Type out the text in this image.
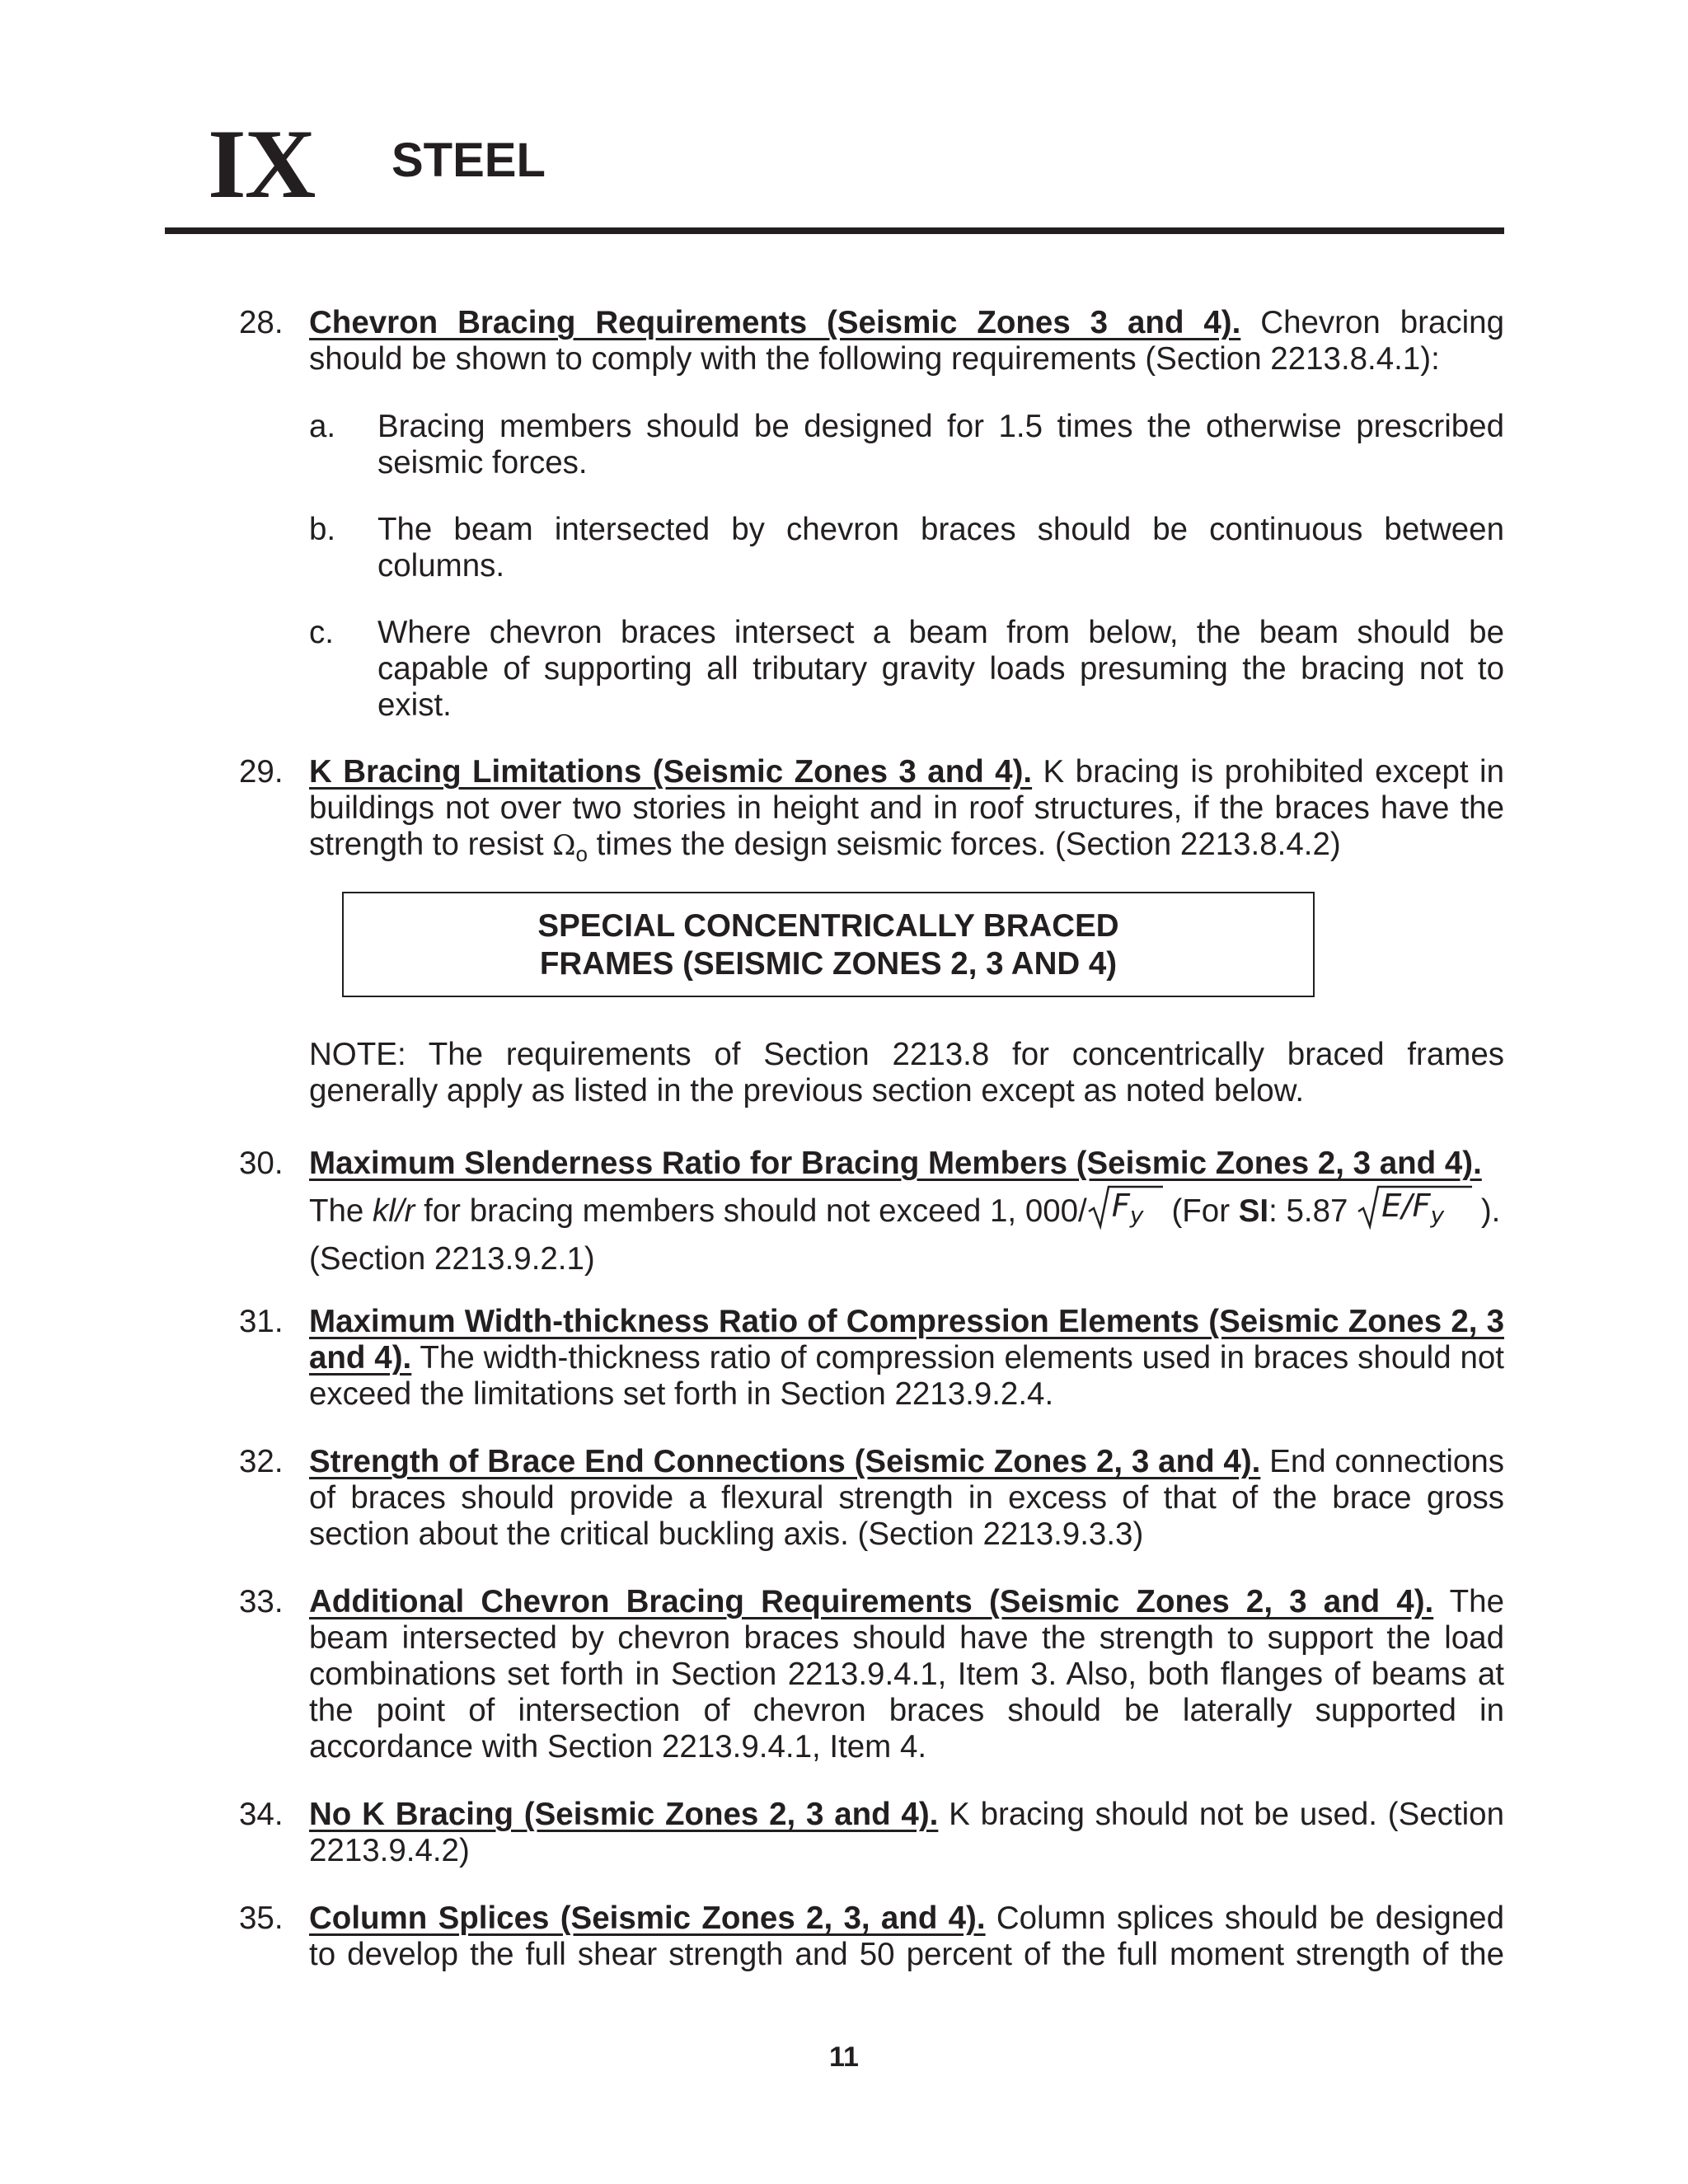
IX STEEL
28. Chevron Bracing Requirements (Seismic Zones 3 and 4). Chevron bracing
should be shown to comply with the following requirements (Section 2213.8.4.1):
a.	Bracing members should be designed for 1.5 times the otherwise prescribed seismic forces.
b.	The beam intersected by chevron braces should be continuous between columns.
c.	Where chevron braces intersect a beam from below, the beam should be capable of supporting all tributary gravity loads presuming the bracing not to exist.
29. K Bracing Limitations (Seismic Zones 3 and 4). K bracing is prohibited except in buildings not over two stories in height and in roof structures, if the braces have the strength to resist $\Omega_o$ times the design seismic forces. (Section 2213.8.4.2)
SPECIAL CONCENTRICALLY BRACED
FRAMES (SEISMIC ZONES 2, 3 AND 4)
NOTE: The requirements of Section 2213.8 for concentrically braced frames generally apply as listed in the previous section except as noted below.
30. Maximum Slenderness Ratio for Bracing Members (Seismic Zones 2, 3 and 4).
The kl/r for bracing members should not exceed 1, 000/ $F_y$ (For SI: 5.87 $E/F_y$ ).
(Section 2213.9.2.1)
31. Maximum Width-thickness Ratio of Compression Elements (Seismic Zones 2, 3 and 4). The width-thickness ratio of compression elements used in braces should not exceed the limitations set forth in Section 2213.9.2.4.
32. Strength of Brace End Connections (Seismic Zones 2, 3 and 4). End connections of braces should provide a flexural strength in excess of that of the brace gross section about the critical buckling axis. (Section 2213.9.3.3)
33. Additional Chevron Bracing Requirements (Seismic Zones 2, 3 and 4). The beam intersected by chevron braces should have the strength to support the load combinations set forth in Section 2213.9.4.1, Item 3. Also, both flanges of beams at the point of intersection of chevron braces should be laterally supported in accordance with Section 2213.9.4.1, Item 4.
34. No K Bracing (Seismic Zones 2, 3 and 4). K bracing should not be used. (Section 2213.9.4.2)
35. Column Splices (Seismic Zones 2, 3, and 4). Column splices should be designed to develop the full shear strength and 50 percent of the full moment strength of the
11
